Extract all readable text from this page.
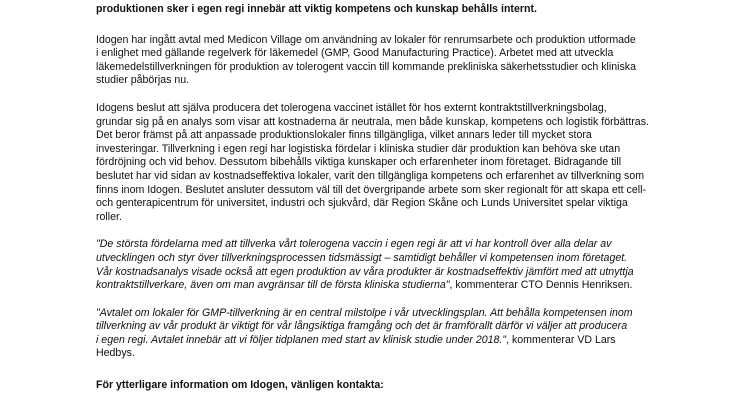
produktionen sker i egen regi innebär att viktig kompetens och kunskap behålls internt.

Idogen har ingått avtal med Medicon Village om användning av lokaler för renrumsarbete och produktion utformade

i enlighet med gällande regelverk för läkemedel (GMP, Good Manufacturing Practice). Arbetet med att utveckla

läkemedelstillverkningen för produktion av tolerogent vaccin till kommande prekliniska säkerhetsstudier och kliniska

studier påbörjas nu.

Idogens beslut att själva producera det tolerogena vaccinet istället för hos externt kontraktstillverkningsbolag,

grundar sig på en analys som visar att kostnaderna är neutrala, men både kunskap, kompetens och logistik förbättras.

Det beror främst på att anpassade produktionslokaler finns tillgängliga, vilket annars leder till mycket stora

investeringar. Tillverkning i egen regi har logistiska fördelar i kliniska studier där produktion kan behöva ske utan

fördröjning och vid behov. Dessutom bibehålls viktiga kunskaper och erfarenheter inom företaget. Bidragande till

beslutet har vid sidan av kostnadseffektiva lokaler, varit den tillgängliga kompetens och erfarenhet av tillverkning som

finns inom Idogen. Beslutet ansluter dessutom väl till det övergripande arbete som sker regionalt för att skapa ett cell-

och genterapicentrum för universitet, industri och sjukvård, där Region Skåne och Lunds Universitet spelar viktiga

roller.

"De största fördelarna med att tillverka vårt tolerogena vaccin i egen regi är att vi har kontroll över alla delar av

utvecklingen och styr över tillverkningsprocessen tidsmässigt – samtidigt behåller vi kompetensen inom företaget.

Vår kostnadsanalys visade också att egen produktion av våra produkter är kostnadseffektiv jämfört med att utnyttja

kontraktstillverkare, även om man avgränsar till de första kliniska studierna", kommenterar CTO Dennis Henriksen.

"Avtalet om lokaler för GMP-tillverkning är en central milstolpe i vår utvecklingsplan. Att behålla kompetensen inom

tillverkning av vår produkt är viktigt för vår långsiktiga framgång och det är framförallt därför vi väljer att producera

i egen regi. Avtalet innebär att vi följer tidplanen med start av klinisk studie under 2018.", kommenterar VD Lars

Hedbys.

För ytterligare information om Idogen, vänligen kontakta:
